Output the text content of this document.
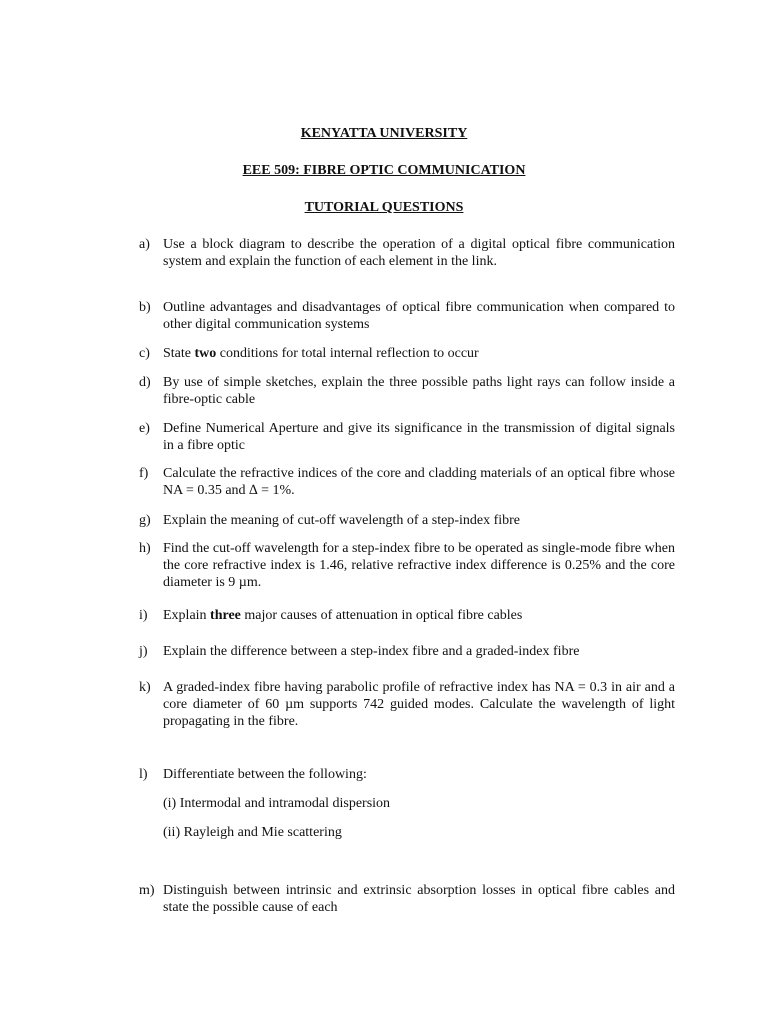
KENYATTA UNIVERSITY
EEE 509: FIBRE OPTIC COMMUNICATION
TUTORIAL QUESTIONS
a) Use a block diagram to describe the operation of a digital optical fibre communication system and explain the function of each element in the link.
b) Outline advantages and disadvantages of optical fibre communication when compared to other digital communication systems
c) State two conditions for total internal reflection to occur
d) By use of simple sketches, explain the three possible paths light rays can follow inside a fibre-optic cable
e) Define Numerical Aperture and give its significance in the transmission of digital signals in a fibre optic
f)	Calculate the refractive indices of the core and cladding materials of an optical fibre whose NA = 0.35 and ∆ = 1%.
g) Explain the meaning of cut-off wavelength of a step-index fibre
h) Find the cut-off wavelength for a step-index fibre to be operated as single-mode fibre when the core refractive index is 1.46, relative refractive index difference is 0.25% and the core diameter is 9 µm.
i)	Explain three major causes of attenuation in optical fibre cables
j)	Explain the difference between a step-index fibre and a graded-index fibre
k) A graded-index fibre having parabolic profile of refractive index has NA = 0.3 in air and a core diameter of 60 µm supports 742 guided modes. Calculate the wavelength of light propagating in the fibre.
l)	Differentiate between the following:
(i) Intermodal and intramodal dispersion
(ii) Rayleigh and Mie scattering
m) Distinguish between intrinsic and extrinsic absorption losses in optical fibre cables and state the possible cause of each
